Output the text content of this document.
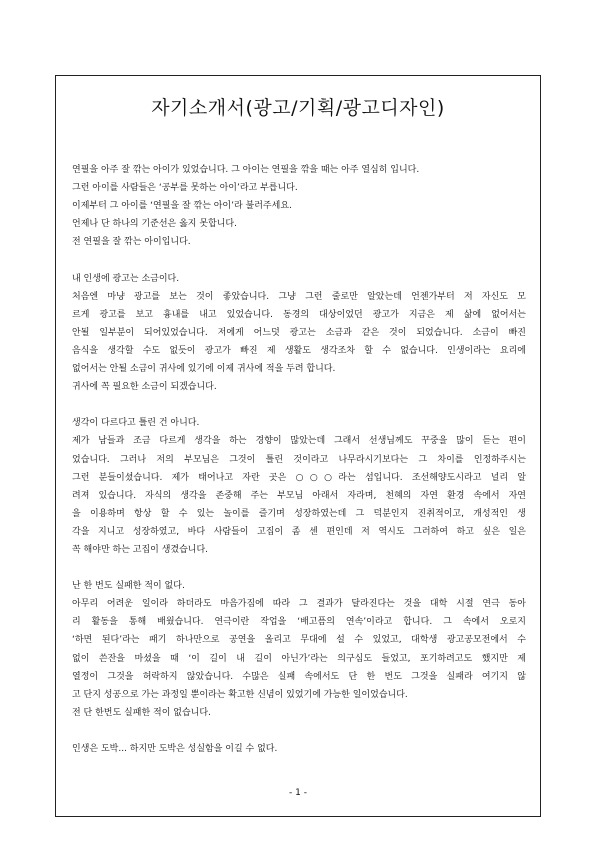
자기소개서(광고/기획/광고디자인)
연필을 아주 잘 깎는 아이가 있었습니다. 그 아이는 연필을 깎을 때는 아주 열심히 입니다.
그런 아이를 사람들은 ‘공부를 못하는 아이’라고 부릅니다.
이제부터 그 아이를 ‘연필을 잘 깎는 아이’라 불러주세요.
언제나 단 하나의 기준선은 옳지 못합니다.
전 연필을 잘 깎는 아이입니다.
내 인생에 광고는 소금이다.
처음엔 마냥 광고를 보는 것이 좋았습니다. 그냥 그런 줄로만 알았는데 언젠가부터 저 자신도 모
르게 광고를 보고 흉내를 내고 있었습니다. 동경의 대상이었던 광고가 지금은 제 삶에 없어서는
안될 일부분이 되어있었습니다. 저에게 어느덧 광고는 소금과 같은 것이 되었습니다. 소금이 빠진
음식을 생각할 수도 없듯이 광고가 빠진 제 생활도 생각조차 할 수 없습니다. 인생이라는 요리에
없어서는 안될 소금이 귀사에 있기에 이제 귀사에 적을 두려 합니다.
귀사에 꼭 필요한 소금이 되겠습니다.
생각이 다르다고 틀린 건 아니다.
제가 남들과 조금 다르게 생각을 하는 경향이 많았는데 그래서 선생님께도 꾸중을 많이 듣는 편이
었습니다. 그러나 저의 부모님은 그것이 틀린 것이라고 나무라시기보다는 그 차이를 인정하주시는
그런 분들이셨습니다. 제가 태어나고 자란 곳은 ○○○라는 섬입니다. 조선해양도시라고 널리 알
려져 있습니다. 자식의 생각을 존중해 주는 부모님 아래서 자라며, 천혜의 자연 환경 속에서 자연
을 이용하며 항상 할 수 있는 놀이를 즐기며 성장하였는데 그 덕분인지 진취적이고, 개성적인 생
각을 지니고 성장하였고, 바다 사람들이 고집이 좀 센 편인데 저 역시도 그러하여 하고 싶은 일은
꼭 해야만 하는 고집이 생겼습니다.
난 한 번도 실패한 적이 없다.
아무리 어려운 일이라 하더라도 마음가짐에 따라 그 결과가 달라진다는 것을 대학 시절 연극 동아
리 활동을 통해 배웠습니다. 연극이란 작업을 ‘배고픔의 연속’이라고 합니다. 그 속에서 오로지
‘하면 된다’라는 패기 하나만으로 공연을 올리고 무대에 설 수 있었고, 대학생 광고공모전에서 수
없이 쓴잔을 마셨을 때 ‘이 길이 내 길이 아닌가’라는 의구심도 들었고, 포기하려고도 했지만 제
열정이 그것을 허락하지 않았습니다. 수많은 실패 속에서도 단 한 번도 그것을 실패라 여기지 않
고 단지 성공으로 가는 과정일 뿐이라는 확고한 신념이 있었기에 가능한 일이었습니다.
전 단 한번도 실패한 적이 없습니다.
인생은 도박... 하지만 도박은 성실함을 이길 수 없다.
- 1 -
